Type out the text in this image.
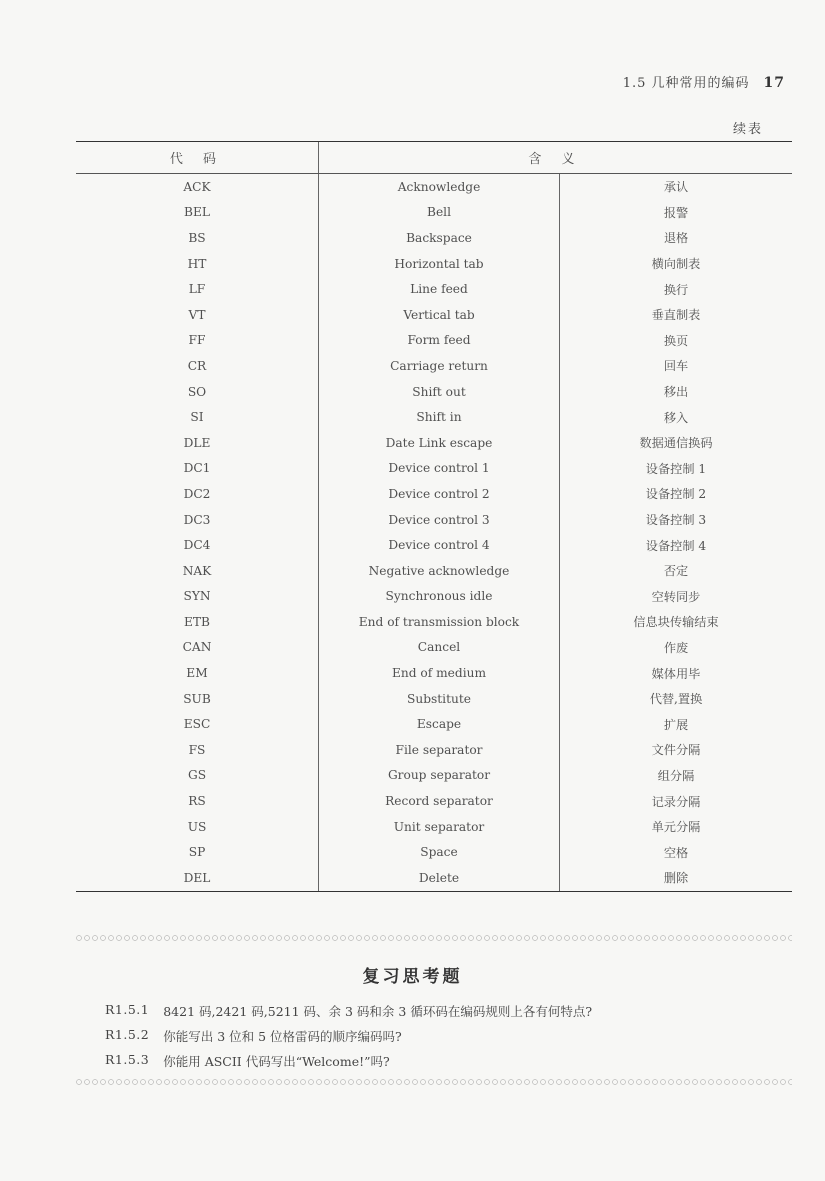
1.5 几种常用的编码 17
续表
代 码	含 义	
ACK	Acknowledge	承认
BEL	Bell	报警
BS	Backspace	退格
HT	Horizontal tab	横向制表
LF	Line feed	换行
VT	Vertical tab	垂直制表
FF	Form feed	换页
CR	Carriage return	回车
SO	Shift out	移出
SI	Shift in	移入
DLE	Date Link escape	数据通信换码
DC1	Device control 1	设备控制 1
DC2	Device control 2	设备控制 2
DC3	Device control 3	设备控制 3
DC4	Device control 4	设备控制 4
NAK	Negative acknowledge	否定
SYN	Synchronous idle	空转同步
ETB	End of transmission block	信息块传输结束
CAN	Cancel	作废
EM	End of medium	媒体用毕
SUB	Substitute	代替,置换
ESC	Escape	扩展
FS	File separator	文件分隔
GS	Group separator	组分隔
RS	Record separator	记录分隔
US	Unit separator	单元分隔
SP	Space	空格
DEL	Delete	删除
复习思考题
R1.5.1 8421 码,2421 码,5211 码、余 3 码和余 3 循环码在编码规则上各有何特点?
R1.5.2 你能写出 3 位和 5 位格雷码的顺序编码吗?
R1.5.3 你能用 ASCII 代码写出“Welcome!”吗?
